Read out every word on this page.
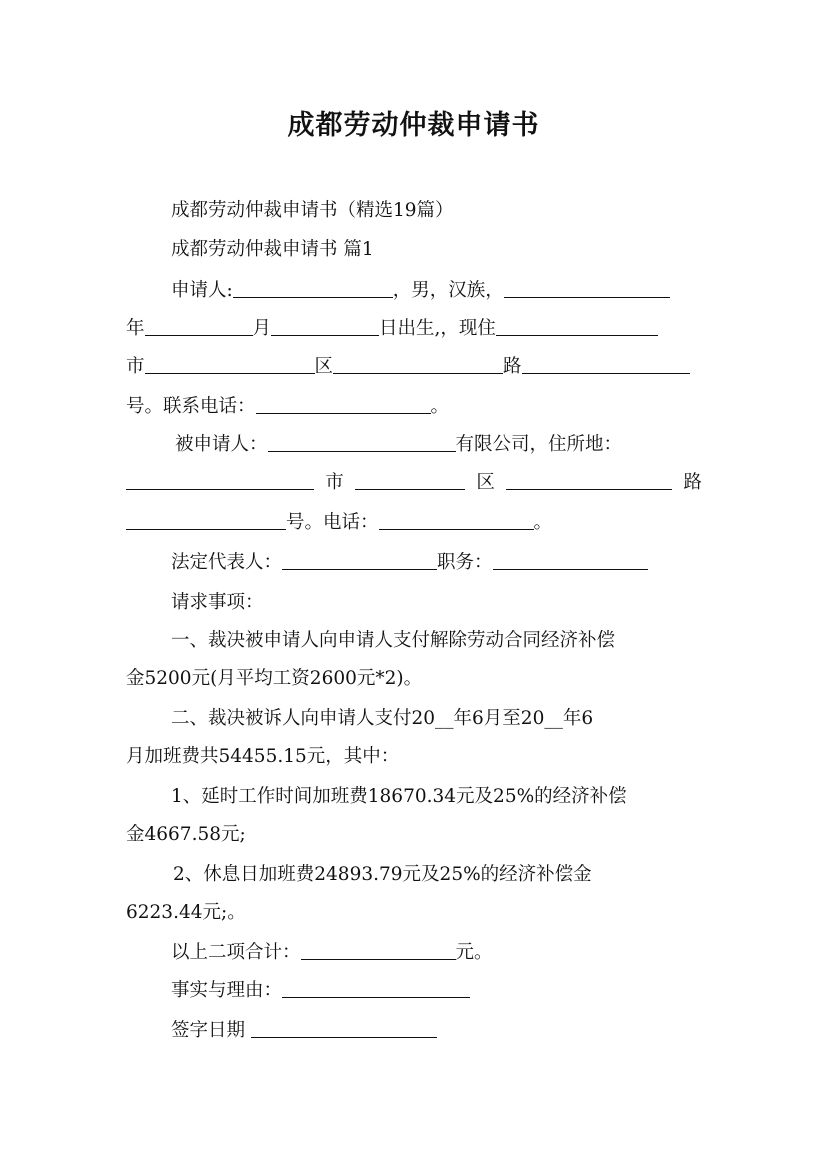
成都劳动仲裁申请书
成都劳动仲裁申请书（精选19篇）
成都劳动仲裁申请书 篇1
申请人:	，男，汉族，
年	月	日出生,，现住
市	区	路
号。联系电话：	。
被申请人：	有限公司，住所地：
市	区	路
号。电话：	。
法定代表人：	职务：
请求事项：
一、裁决被申请人向申请人支付解除劳动合同经济补偿
金5200元(月平均工资2600元*2)。
二、裁决被诉人向申请人支付20__年6月至20__年6
月加班费共54455.15元，其中：
1、延时工作时间加班费18670.34元及25%的经济补偿
金4667.58元;
2、休息日加班费24893.79元及25%的经济补偿金
6223.44元;。
以上二项合计：	元。
事实与理由：
签字日期
